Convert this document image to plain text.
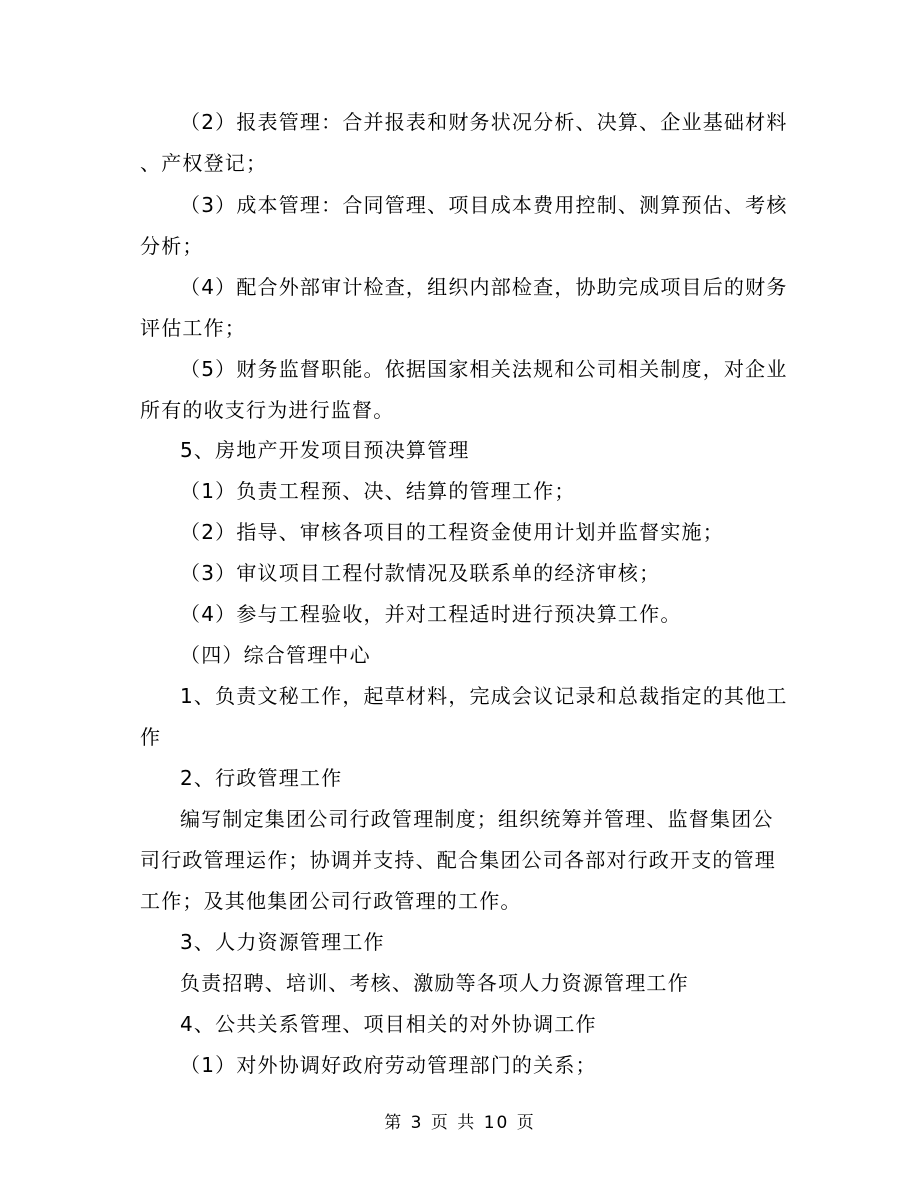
（2）报表管理：合并报表和财务状况分析、决算、企业基础材料
、产权登记；
（3）成本管理：合同管理、项目成本费用控制、测算预估、考核
分析；
（4）配合外部审计检查，组织内部检查，协助完成项目后的财务
评估工作；
（5）财务监督职能。依据国家相关法规和公司相关制度，对企业
所有的收支行为进行监督。
5、房地产开发项目预决算管理
（1）负责工程预、决、结算的管理工作；
（2）指导、审核各项目的工程资金使用计划并监督实施；
（3）审议项目工程付款情况及联系单的经济审核；
（4）参与工程验收，并对工程适时进行预决算工作。
（四）综合管理中心
1、负责文秘工作，起草材料，完成会议记录和总裁指定的其他工
作
2、行政管理工作
编写制定集团公司行政管理制度；组织统筹并管理、监督集团公
司行政管理运作；协调并支持、配合集团公司各部对行政开支的管理
工作；及其他集团公司行政管理的工作。
3、人力资源管理工作
负责招聘、培训、考核、激励等各项人力资源管理工作
4、公共关系管理、项目相关的对外协调工作
（1）对外协调好政府劳动管理部门的关系；
第 3 页 共 10 页
